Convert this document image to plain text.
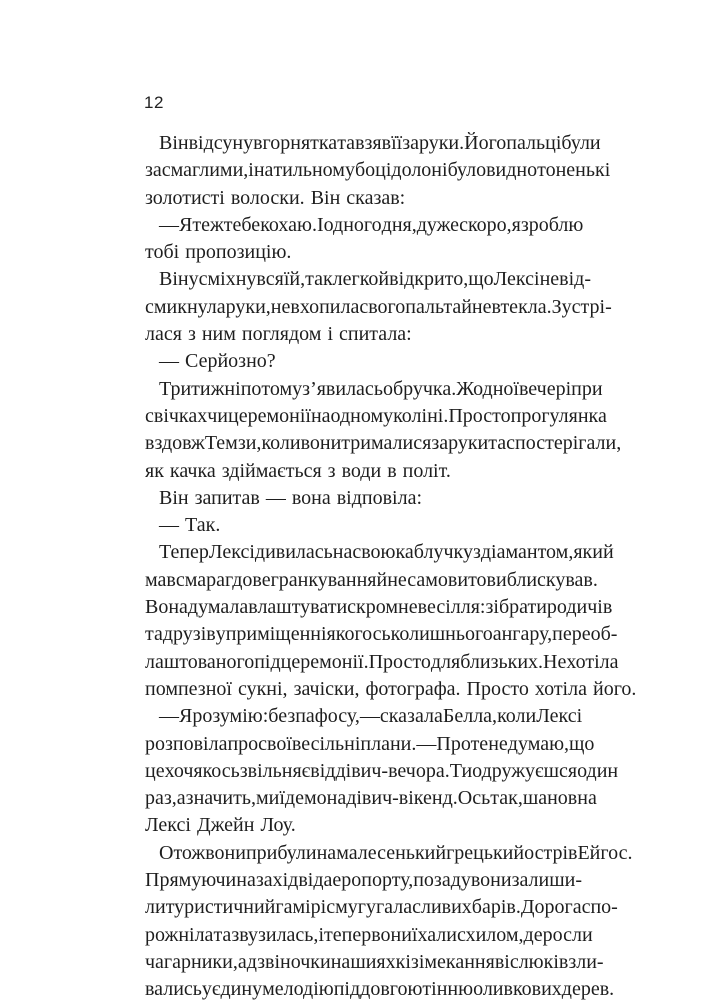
12
Він відсунув горнятка та взяв її за руки. Його пальці були
засмаглими, і на тильному боці долоні було видно тоненькі
золотисті волоски. Він сказав:
— Я теж тебе кохаю. І одного дня, дуже скоро, я зроблю
тобі пропозицію.
Він усміхнувся їй, так легко й відкрито, що Лексі не від-
смикнула руки, не вхопила свого пальта й не втекла. Зустрі-
лася з ним поглядом і спитала:
— Серйозно?
Три тижні по тому з’явилась обручка. Жодної вечері при
свічках чи церемонії на одному коліні. Просто прогулянка
вздовж Темзи, коли вони трималися за руки та спостерігали,
як качка здіймається з води в політ.
Він запитав — вона відповіла:
— Так.
Тепер Лексі дивилась на свою каблучку з діамантом, який
мав смарагдове гранкування й несамовито виблискував.
Вона думала влаштувати скромне весілля: зібрати родичів
та друзів у приміщенні якогось колишнього ангару, переоб-
лаштованого під церемонії. Просто для близьких. Не хотіла
помпезної сукні, зачіски, фотографа. Просто хотіла його.
— Я розумію: без пафосу, — сказала Белла, коли Лексі
розповіла про свої весільні плани. — Проте не думаю, що
це хоч якось звільняє від дівич-вечора. Ти одружуєшся один
раз, а значить, ми їдемо на дівич-вікенд. Ось так, шановна
Лексі Джейн Лоу.
Отож вони прибули на малесенький грецький острів Ейгос.
Прямуючи на захід від аеропорту, позаду вони залиши-
ли туристичний гамір і смугу галасливих барів. Дорога спо-
рожніла та звузилась, і тепер вони їхали схилом, де росли
чагарники, а дзвіночки на шиях кіз і мекання віслюків зли-
вались у єдину мелодію під довгою тінню оливкових дерев.
